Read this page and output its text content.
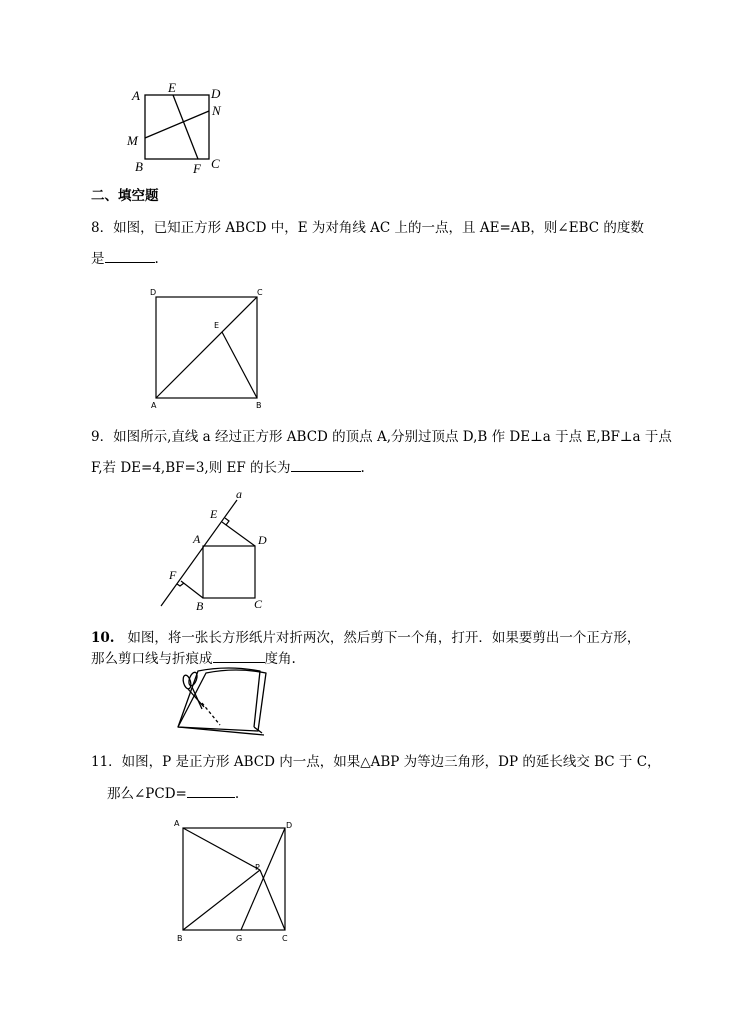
A
E	D
N
M
B	F C
二、填空题
8．如图，已知正方形 ABCD 中，E 为对角线 AC 上的一点，且 AE=AB，则∠EBC 的度数
是	.
D	C
E
A	B
9．如图所示,直线 a 经过正方形 ABCD 的顶点 A,分别过顶点 D,B 作 DE⊥a 于点 E,BF⊥a 于点
F,若 DE=4,BF=3,则 EF 的长为	.
a
E
A	D
F
B	C
10. 如图，将一张长方形纸片对折两次，然后剪下一个角，打开．如果要剪出一个正方形，
那么剪口线与折痕成	度角.
11．如图，P 是正方形 ABCD 内一点，如果△ABP 为等边三角形，DP 的延长线交 BC 于 C，
那么∠PCD=	.
A	D
P
B	G	C
